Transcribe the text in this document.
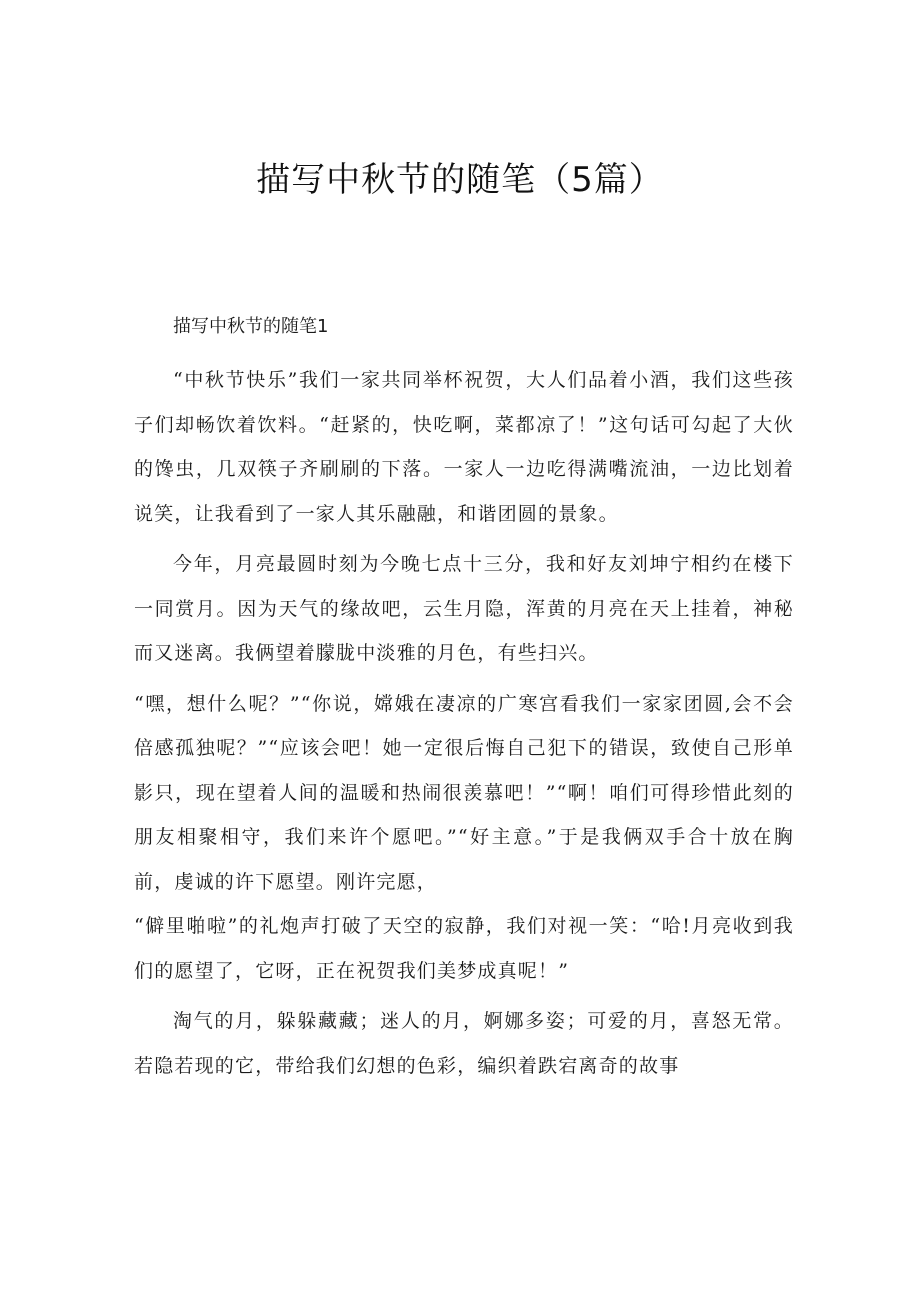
描写中秋节的随笔（5篇）
描写中秋节的随笔1

“中秋节快乐”我们一家共同举杯祝贺，大人们品着小酒，我们这些孩子们却畅饮着饮料。“赶紧的，快吃啊，菜都凉了！”这句话可勾起了大伙的馋虫，几双筷子齐刷刷的下落。一家人一边吃得满嘴流油，一边比划着说笑，让我看到了一家人其乐融融，和谐团圆的景象。

今年，月亮最圆时刻为今晚七点十三分，我和好友刘坤宁相约在楼下一同赏月。因为天气的缘故吧，云生月隐，浑黄的月亮在天上挂着，神秘而又迷离。我俩望着朦胧中淡雅的月色，有些扫兴。

“嘿，想什么呢？”“你说，嫦娥在凄凉的广寒宫看我们一家家团圆,会不会倍感孤独呢？”“应该会吧！她一定很后悔自己犯下的错误，致使自己形单影只，现在望着人间的温暖和热闹很羡慕吧！”“啊！咱们可得珍惜此刻的朋友相聚相守，我们来许个愿吧。”“好主意。”于是我俩双手合十放在胸前，虔诚的许下愿望。刚许完愿，

“僻里啪啦”的礼炮声打破了天空的寂静，我们对视一笑：“哈!月亮收到我们的愿望了，它呀，正在祝贺我们美梦成真呢！”

淘气的月，躲躲藏藏；迷人的月，婀娜多姿；可爱的月，喜怒无常。若隐若现的它，带给我们幻想的色彩，编织着跌宕离奇的故事
